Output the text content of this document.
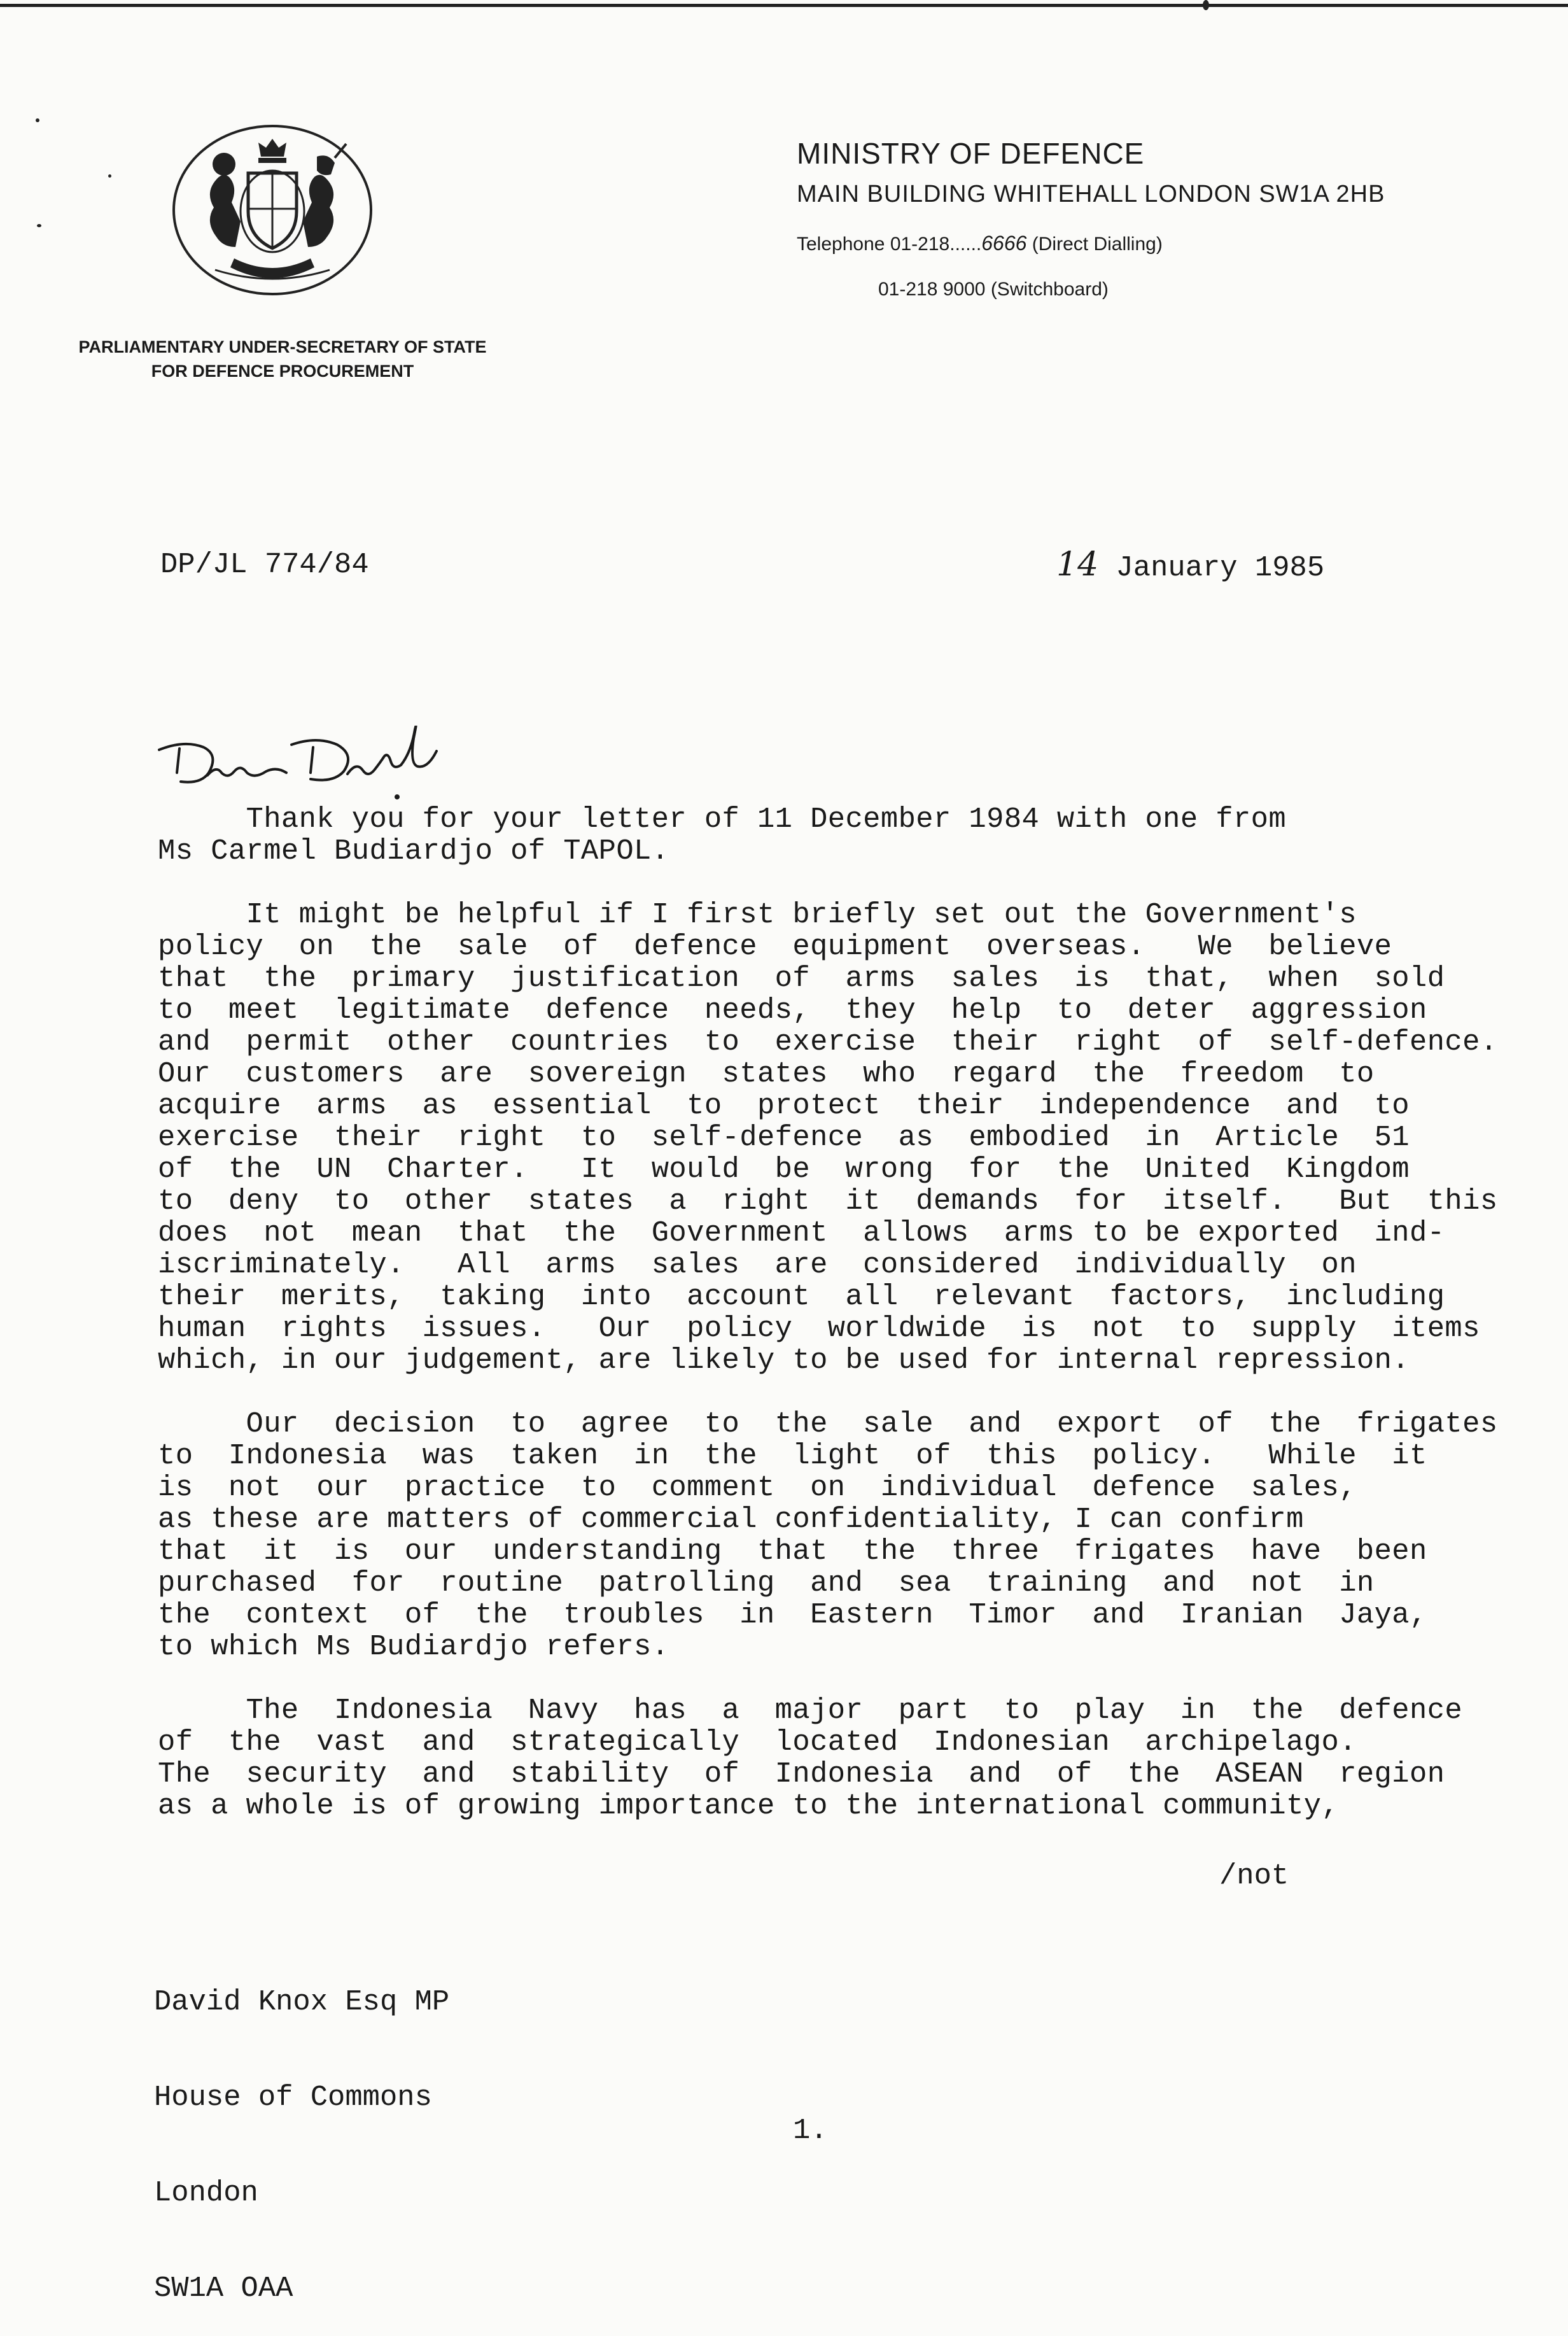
MINISTRY OF DEFENCE
MAIN BUILDING WHITEHALL LONDON SW1A 2HB
Telephone 01-218......6666 (Direct Dialling)
01-218 9000 (Switchboard)
PARLIAMENTARY UNDER-SECRETARY OF STATE
FOR DEFENCE PROCUREMENT
DP/JL 774/84	14 January 1985
Thank you for your letter of 11 December 1984 with one from
Ms Carmel Budiardjo of TAPOL.
It might be helpful if I first briefly set out the Government's
policy  on  the  sale  of  defence  equipment  overseas.   We  believe
that  the  primary  justification  of  arms  sales  is  that,  when  sold
to  meet  legitimate  defence  needs,  they  help  to  deter  aggression
and  permit  other  countries  to  exercise  their  right  of  self-defence.
Our  customers  are  sovereign  states  who  regard  the  freedom  to
acquire  arms  as  essential  to  protect  their  independence  and  to
exercise  their  right  to  self-defence  as  embodied  in  Article  51
of  the  UN  Charter.   It  would  be  wrong  for  the  United  Kingdom
to  deny  to  other  states  a  right  it  demands  for  itself.   But  this
does  not  mean  that  the  Government  allows  arms to be exported  ind-
iscriminately.   All  arms  sales  are  considered  individually  on
their  merits,  taking  into  account  all  relevant  factors,  including
human  rights  issues.   Our  policy  worldwide  is  not  to  supply  items
which, in our judgement, are likely to be used for internal repression.
Our  decision  to  agree  to  the  sale  and  export  of  the  frigates
to  Indonesia  was  taken  in  the  light  of  this  policy.   While  it
is  not  our  practice  to  comment  on  individual  defence  sales,
as these are matters of commercial confidentiality, I can confirm
that  it  is  our  understanding  that  the  three  frigates  have  been
purchased  for  routine  patrolling  and  sea  training  and  not  in
the  context  of  the  troubles  in  Eastern  Timor  and  Iranian  Jaya,
to which Ms Budiardjo refers.
The  Indonesia  Navy  has  a  major  part  to  play  in  the  defence
of  the  vast  and  strategically  located  Indonesian  archipelago.
The  security  and  stability  of  Indonesia  and  of  the  ASEAN  region
as a whole is of growing importance to the international community,
/not

David Knox Esq MP

House of Commons

London

SW1A OAA

1.
